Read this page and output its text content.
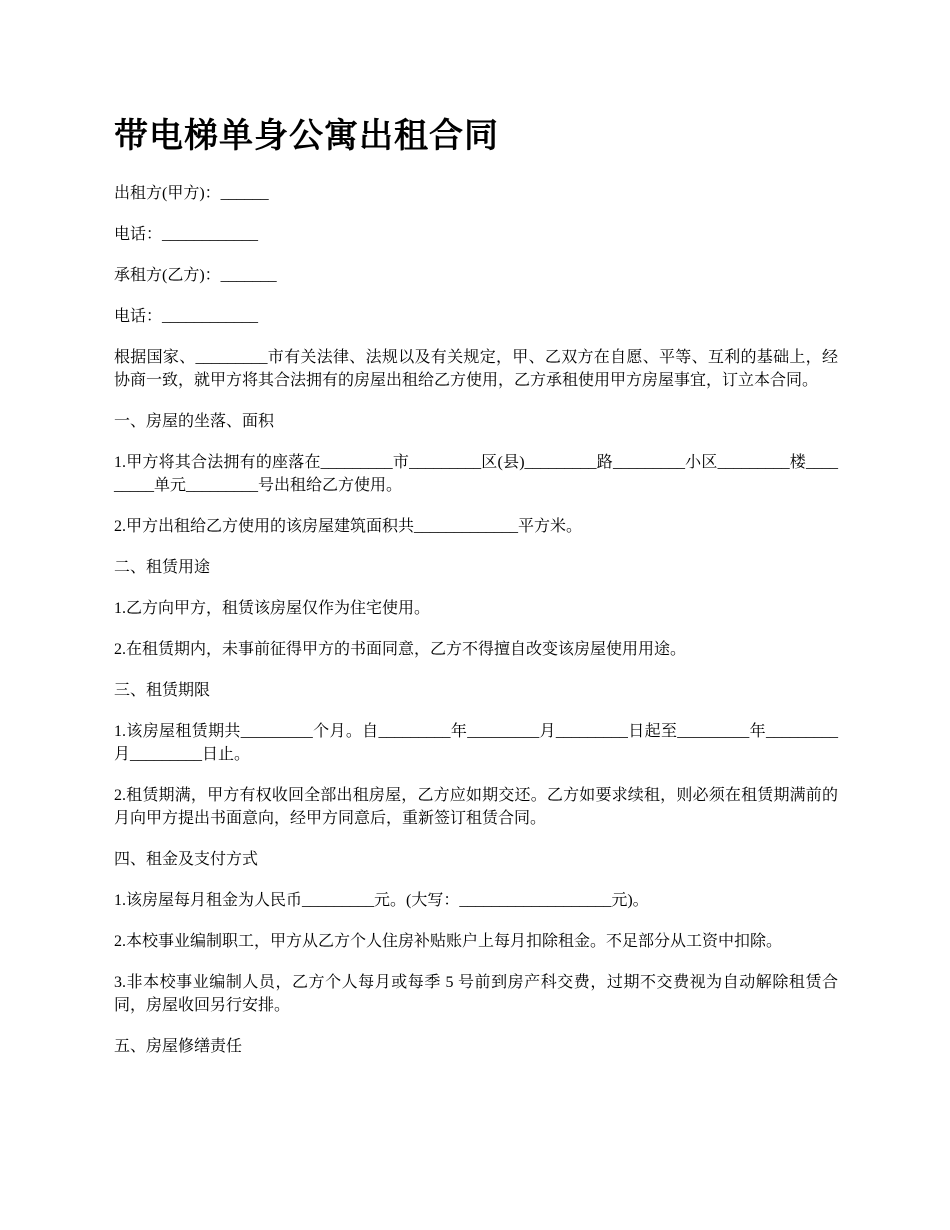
带电梯单身公寓出租合同

出租方(甲方)：______

电话：____________

承租方(乙方)：_______

电话：____________

根据国家、_________市有关法律、法规以及有关规定，甲、乙双方在自愿、平等、互利的基础上，经协商一致，就甲方将其合法拥有的房屋出租给乙方使用，乙方承租使用甲方房屋事宜，订立本合同。

一、房屋的坐落、面积

1.甲方将其合法拥有的座落在_________市_________区(县)_________路_________小区_________楼_________单元_________号出租给乙方使用。

2.甲方出租给乙方使用的该房屋建筑面积共_____________平方米。

二、租赁用途

1.乙方向甲方，租赁该房屋仅作为住宅使用。

2.在租赁期内，未事前征得甲方的书面同意，乙方不得擅自改变该房屋使用用途。

三、租赁期限

1.该房屋租赁期共_________个月。自_________年_________月_________日起至_________年_________月_________日止。

2.租赁期满，甲方有权收回全部出租房屋，乙方应如期交还。乙方如要求续租，则必须在租赁期满前的月向甲方提出书面意向，经甲方同意后，重新签订租赁合同。

四、租金及支付方式

1.该房屋每月租金为人民币_________元。(大写：___________________元)。

2.本校事业编制职工，甲方从乙方个人住房补贴账户上每月扣除租金。不足部分从工资中扣除。

3.非本校事业编制人员，乙方个人每月或每季 5 号前到房产科交费，过期不交费视为自动解除租赁合同，房屋收回另行安排。

五、房屋修缮责任
